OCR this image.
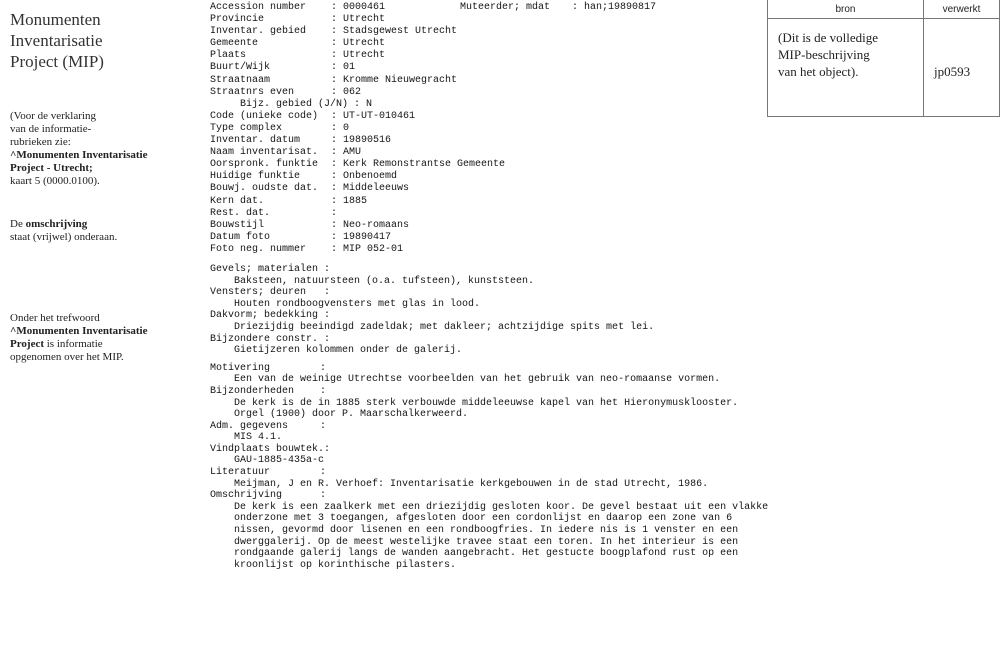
Monumenten
Inventarisatie
Project (MIP)
(Voor de verklaring
van de informatie-
rubrieken zie:
^Monumenten Inventarisatie
Project - Utrecht;
kaart 5 (0000.0100).
De omschrijving
staat (vrijwel) onderaan.
Onder het trefwoord
^Monumenten Inventarisatie
Project is informatie
opgenomen over het MIP.
Accession number : 0000461	Muteerder; mdat : han;19890817
Provincie	: Utrecht
Inventar. gebied : Stadsgewest Utrecht
Gemeente	: Utrecht
Plaats	: Utrecht
Buurt/Wijk	: 01
Straatnaam	: Kromme Nieuwegracht
Straatnrs even	: 062
Bijz. gebied (J/N) : N
Code (unieke code) : UT-UT-010461
Type complex	: 0
Inventar. datum	: 19890516
Naam inventarisat. : AMU
Oorspronk. funktie : Kerk Remonstrantse Gemeente
Huidige funktie	: Onbenoemd
Bouwj. oudste dat. : Middeleeuws
Kern dat.	: 1885
Rest. dat.	:
Bouwstijl	: Neo-romaans
Datum foto	: 19890417
Foto neg. nummer : MIP 052-01
Gevels; materialen :
Baksteen, natuursteen (o.a. tufsteen), kunststeen.
Vensters; deuren   :
Houten rondboogvensters met glas in lood.
Dakvorm; bedekking :
Driezijdig beeindigd zadeldak; met dakleer; achtzijdige spits met lei.
Bijzondere constr. :
Gietijzeren kolommen onder de galerij.
Motivering	:
Een van de weinige Utrechtse voorbeelden van het gebruik van neo-romaanse vormen.
Bijzonderheden	:
De kerk is de in 1885 sterk verbouwde middeleeuwse kapel van het Hieronymusklooster. Orgel (1900) door P. Maarschalkerweerd.
Adm. gegevens	:
MIS 4.1.
Vindplaats bouwtek.:
GAU-1885-435a-c
Literatuur	:
Meijman, J en R. Verhoef: Inventarisatie kerkgebouwen in de stad Utrecht, 1986.
Omschrijving	:
De kerk is een zaalkerk met een driezijdig gesloten koor. De gevel bestaat uit een vlakke onderzone met 3 toegangen, afgesloten door een cordonlijst en daarop een zone van 6 nissen, gevormd door lisenen en een rondboogfries. In iedere nis is 1 venster en een dwerggalerij. Op de meest westelijke travee staat een toren. In het interieur is een rondgaande galerij langs de wanden aangebracht. Het gestucte boogplafond rust op een kroonlijst op korinthische pilasters.
bron	verwerkt

(Dit is de volledige
MIP-beschrijving
van het object).	jp0593
